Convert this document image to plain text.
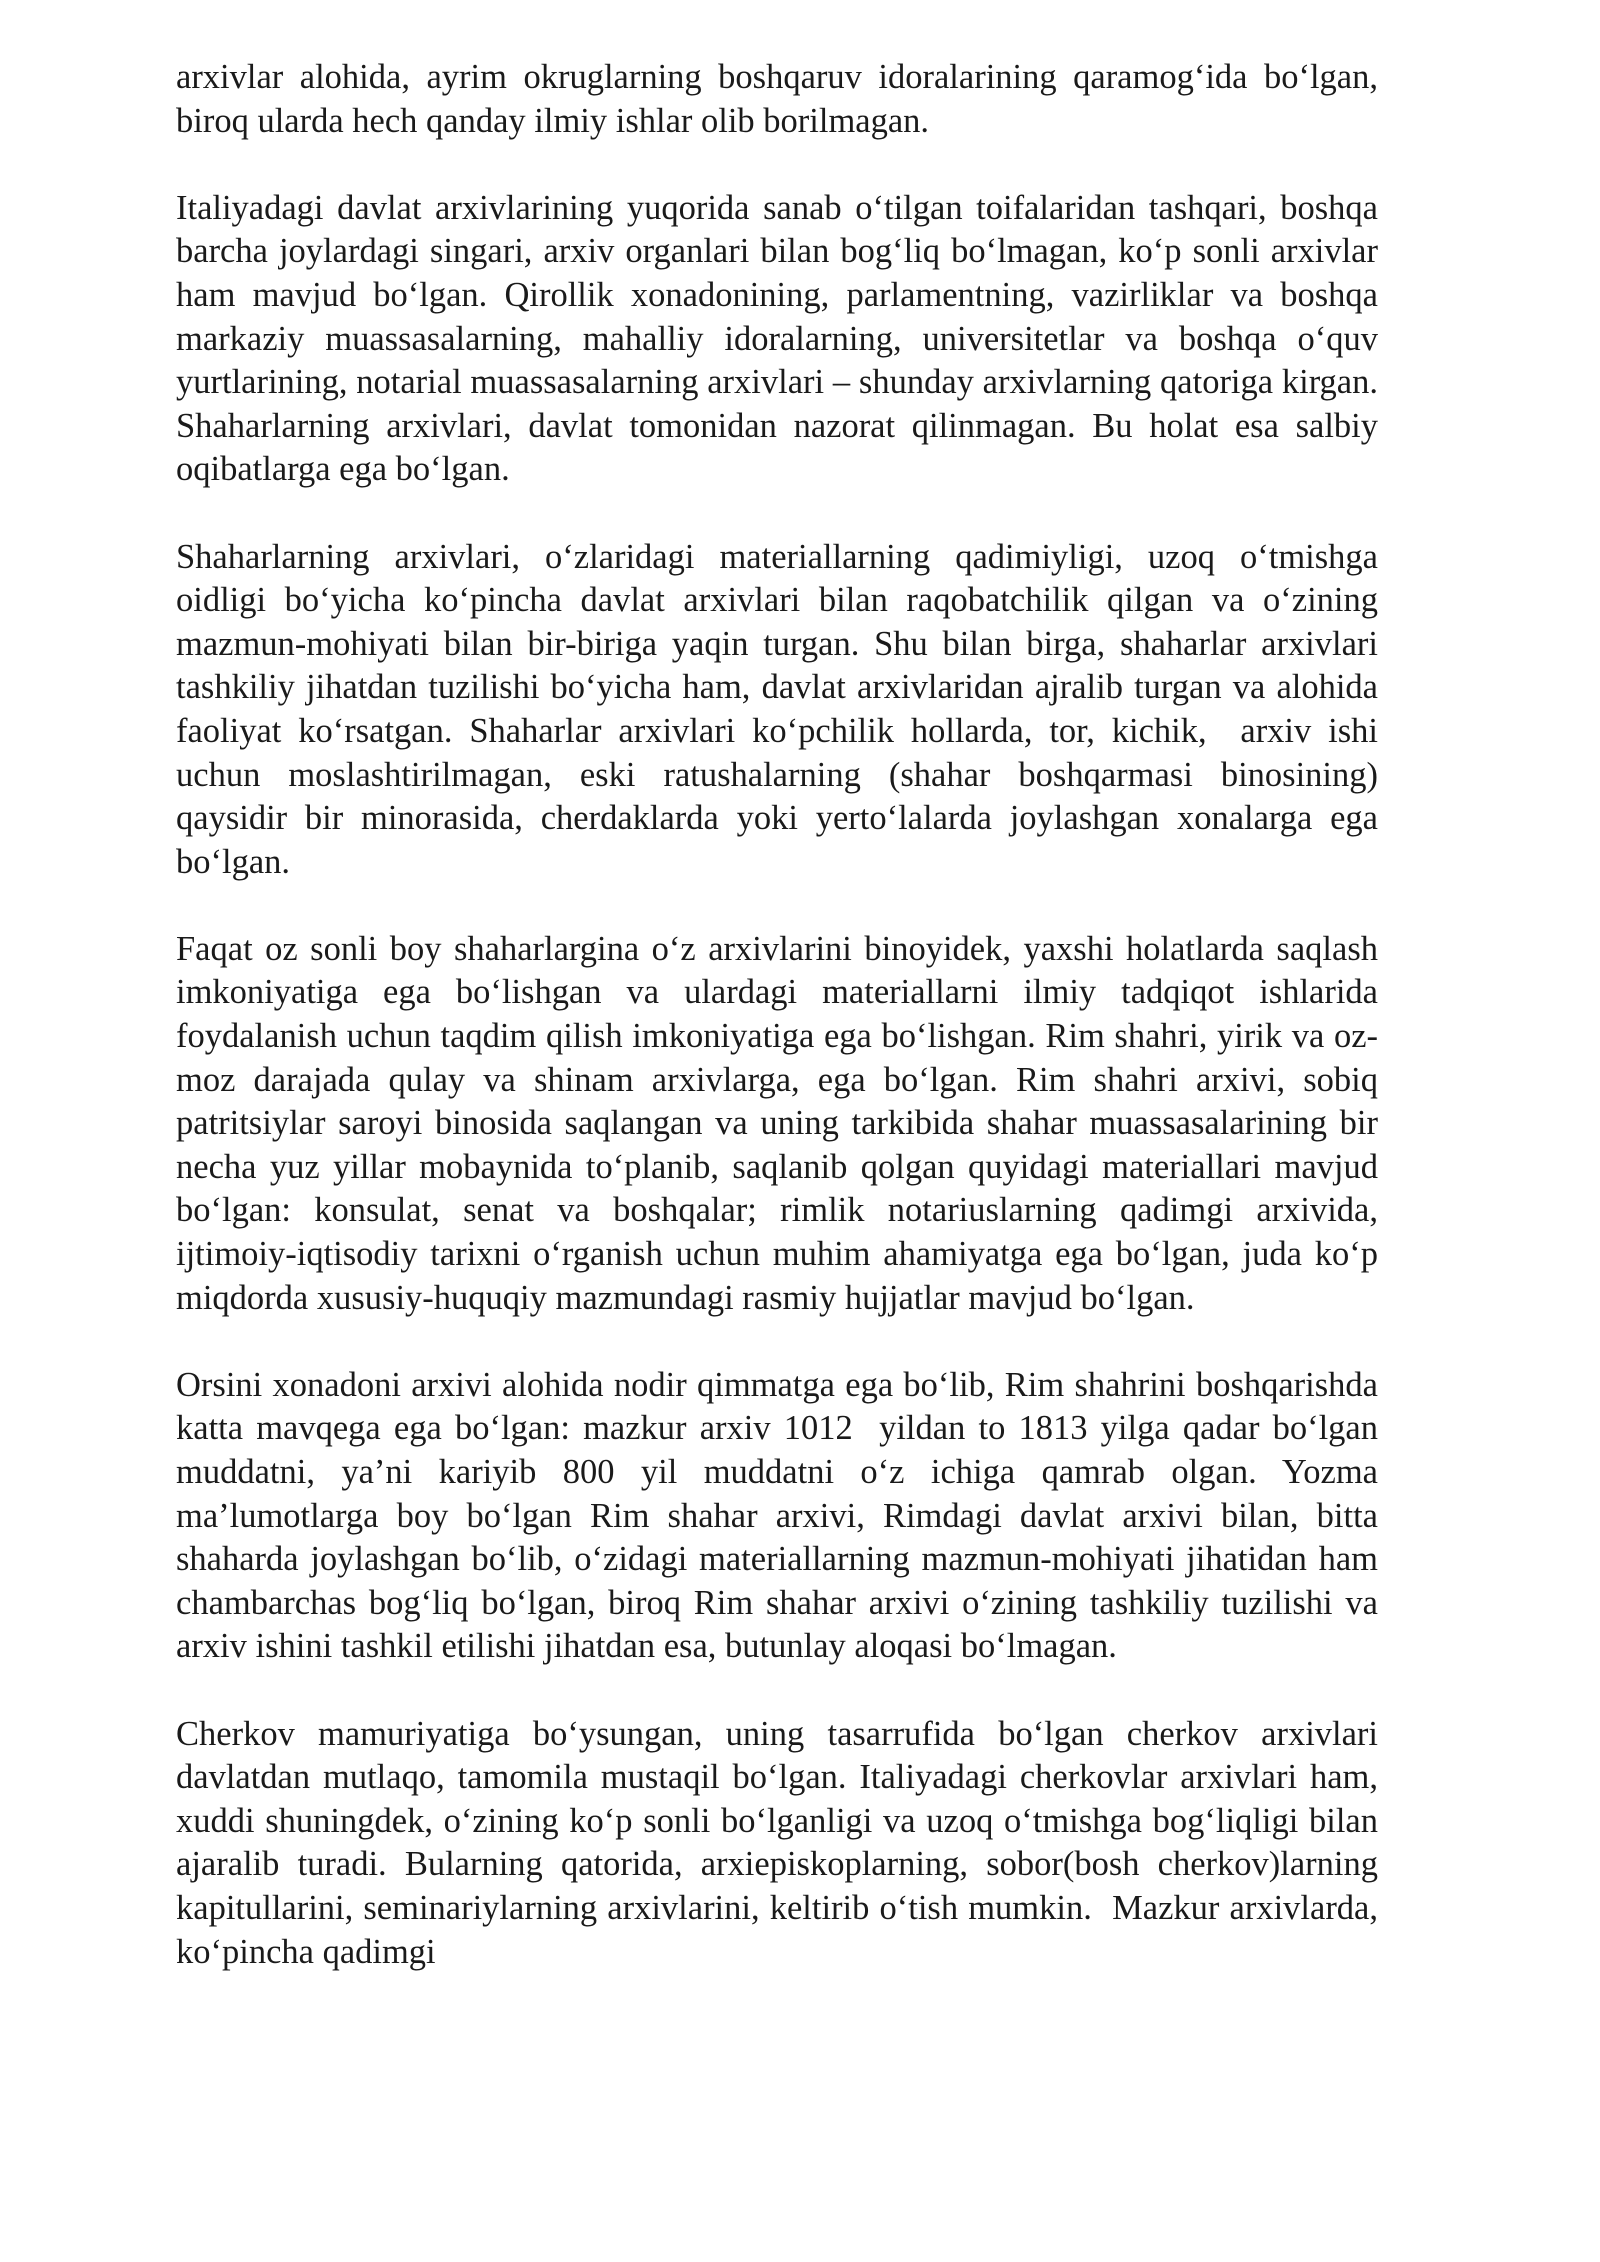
arxivlar alohida, ayrim okruglarning boshqaruv idoralarining qaramog‘ida bo‘lgan, biroq ularda hech qanday ilmiy ishlar olib borilmagan.

Italiyadagi davlat arxivlarining yuqorida sanab o‘tilgan toifalaridan tashqari, boshqa barcha joylardagi singari, arxiv organlari bilan bog‘liq bo‘lmagan, ko‘p sonli arxivlar ham mavjud bo‘lgan. Qirollik xonadonining, parlamentning, vazirliklar va boshqa markaziy muassasalarning, mahalliy idoralarning, universitetlar va boshqa o‘quv yurtlarining, notarial muassasalarning arxivlari – shunday arxivlarning qatoriga kirgan. Shaharlarning arxivlari, davlat tomonidan nazorat qilinmagan. Bu holat esa salbiy oqibatlarga ega bo‘lgan.

Shaharlarning arxivlari, o‘zlaridagi materiallarning qadimiyligi, uzoq o‘tmishga oidligi bo‘yicha ko‘pincha davlat arxivlari bilan raqobatchilik qilgan va o‘zining mazmun-mohiyati bilan bir-biriga yaqin turgan. Shu bilan birga, shaharlar arxivlari tashkiliy jihatdan tuzilishi bo‘yicha ham, davlat arxivlaridan ajralib turgan va alohida faoliyat ko‘rsatgan. Shaharlar arxivlari ko‘pchilik hollarda, tor, kichik,  arxiv ishi uchun moslashtirilmagan, eski ratushalarning (shahar boshqarmasi binosining)  qaysidir bir minorasida, cherdaklarda yoki yerto‘lalarda joylashgan xonalarga ega bo‘lgan.

Faqat oz sonli boy shaharlargina o‘z arxivlarini binoyidek, yaxshi holatlarda saqlash imkoniyatiga ega bo‘lishgan va ulardagi materiallarni ilmiy tadqiqot ishlarida foydalanish uchun taqdim qilish imkoniyatiga ega bo‘lishgan. Rim shahri, yirik va oz-moz darajada qulay va shinam arxivlarga, ega bo‘lgan. Rim shahri arxivi, sobiq patritsiylar saroyi binosida saqlangan va uning tarkibida shahar muassasalarining bir necha yuz yillar mobaynida to‘planib, saqlanib qolgan quyidagi materiallari mavjud bo‘lgan: konsulat, senat va boshqalar; rimlik notariuslarning qadimgi arxivida, ijtimoiy-iqtisodiy tarixni o‘rganish uchun muhim ahamiyatga ega bo‘lgan, juda ko‘p miqdorda xususiy-huquqiy mazmundagi rasmiy hujjatlar mavjud bo‘lgan.

Orsini xonadoni arxivi alohida nodir qimmatga ega bo‘lib, Rim shahrini boshqarishda katta mavqega ega bo‘lgan: mazkur arxiv 1012  yildan to 1813 yilga qadar bo‘lgan muddatni, ya’ni kariyib 800 yil muddatni o‘z ichiga qamrab olgan. Yozma ma’lumotlarga boy bo‘lgan Rim shahar arxivi, Rimdagi davlat arxivi bilan, bitta shaharda joylashgan bo‘lib, o‘zidagi materiallarning mazmun-mohiyati jihatidan ham chambarchas bog‘liq bo‘lgan, biroq Rim shahar arxivi o‘zining tashkiliy tuzilishi va arxiv ishini tashkil etilishi jihatdan esa, butunlay aloqasi bo‘lmagan.

Cherkov mamuriyatiga bo‘ysungan, uning tasarrufida bo‘lgan cherkov arxivlari davlatdan mutlaqo, tamomila mustaqil bo‘lgan. Italiyadagi cherkovlar arxivlari ham, xuddi shuningdek, o‘zining ko‘p sonli bo‘lganligi va uzoq o‘tmishga bog‘liqligi bilan ajaralib turadi. Bularning qatorida, arxiepiskoplarning, sobor(bosh cherkov)larning kapitullarini, seminariylarning arxivlarini, keltirib o‘tish mumkin.  Mazkur arxivlarda, ko‘pincha qadimgi
